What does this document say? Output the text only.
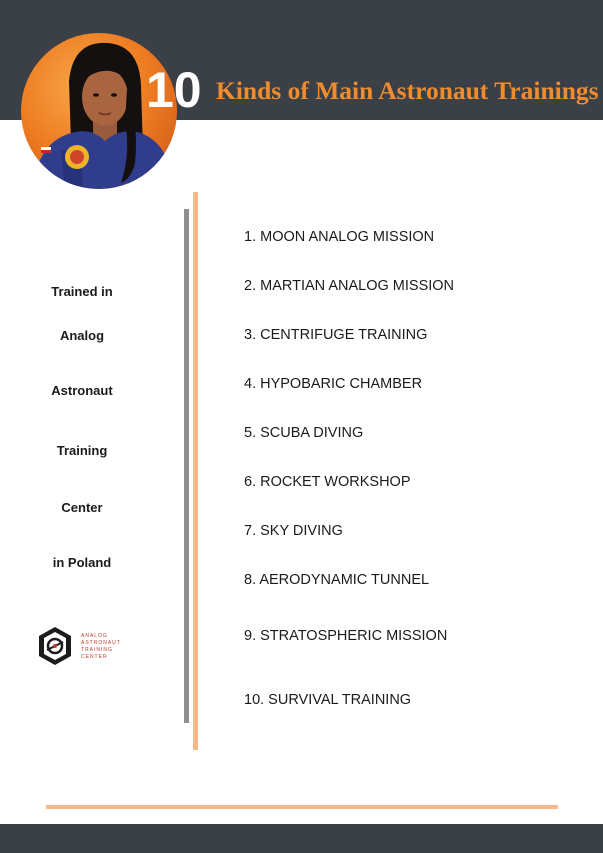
10 Kinds of Main Astronaut Trainings
Trained in
Analog
Astronaut
Training
Center
in Poland
ANALOG
ASTRONAUT
TRAINING
CENTER
1. MOON ANALOG MISSION
2. MARTIAN ANALOG MISSION
3. CENTRIFUGE TRAINING
4. HYPOBARIC CHAMBER
5. SCUBA DIVING
6. ROCKET WORKSHOP
7. SKY DIVING
8. AERODYNAMIC TUNNEL
9. STRATOSPHERIC MISSION
10. SURVIVAL TRAINING
